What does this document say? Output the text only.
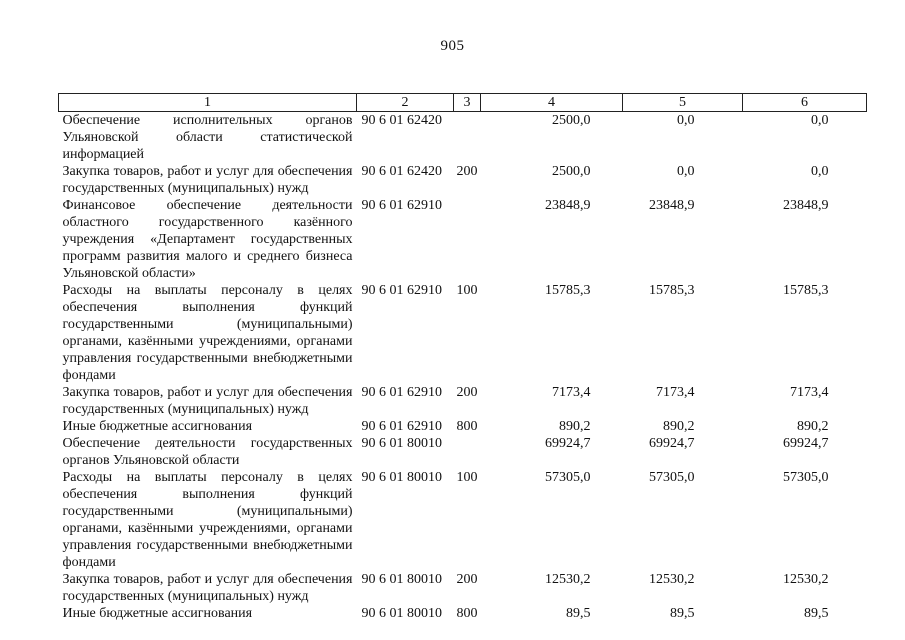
905
1	2	3	4	5	6
Обеспечение исполнительных органов Ульяновской области статистической информацией	90 6 01 62420		2500,0	0,0	0,0
Закупка товаров, работ и услуг для обеспечения государственных (муниципальных) нужд	90 6 01 62420	200	2500,0	0,0	0,0
Финансовое обеспечение деятельности областного государственного казённого учреждения «Департамент государственных программ развития малого и среднего бизнеса Ульяновской области»	90 6 01 62910		23848,9	23848,9	23848,9
Расходы на выплаты персоналу в целях обеспечения выполнения функций государственными (муниципальными) органами, казёнными учреждениями, органами управления государственными внебюджетными фондами	90 6 01 62910	100	15785,3	15785,3	15785,3
Закупка товаров, работ и услуг для обеспечения государственных (муниципальных) нужд	90 6 01 62910	200	7173,4	7173,4	7173,4
Иные бюджетные ассигнования	90 6 01 62910	800	890,2	890,2	890,2
Обеспечение деятельности государственных органов Ульяновской области	90 6 01 80010		69924,7	69924,7	69924,7
Расходы на выплаты персоналу в целях обеспечения выполнения функций государственными (муниципальными) органами, казёнными учреждениями, органами управления государственными внебюджетными фондами	90 6 01 80010	100	57305,0	57305,0	57305,0
Закупка товаров, работ и услуг для обеспечения государственных (муниципальных) нужд	90 6 01 80010	200	12530,2	12530,2	12530,2
Иные бюджетные ассигнования	90 6 01 80010	800	89,5	89,5	89,5
